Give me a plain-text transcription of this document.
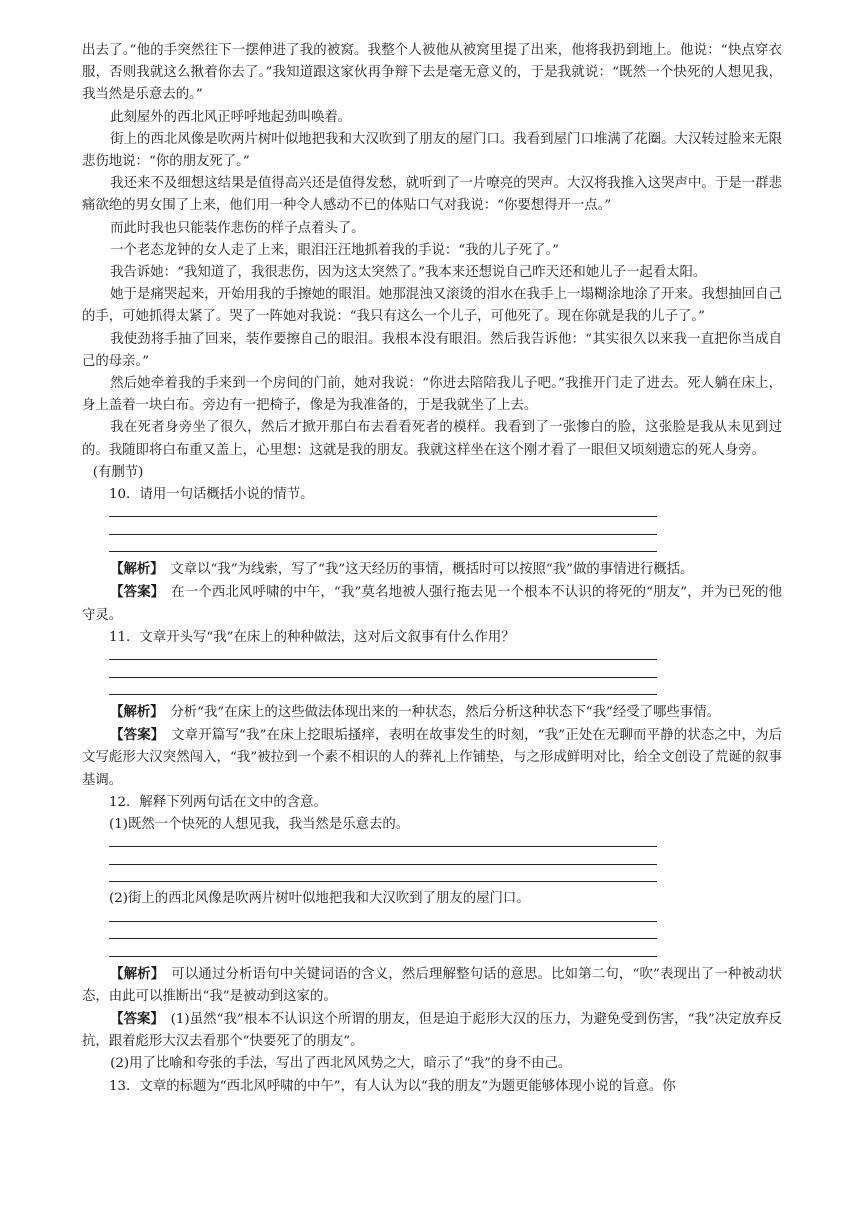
出去了。”他的手突然往下一摆伸进了我的被窝。我整个人被他从被窝里提了出来，他将我扔到地上。他说：“快点穿衣服，否则我就这么揪着你去了。”我知道跟这家伙再争辩下去是毫无意义的，于是我就说：“既然一个快死的人想见我，我当然是乐意去的。”

此刻屋外的西北风正呼呼地起劲叫唤着。

街上的西北风像是吹两片树叶似地把我和大汉吹到了朋友的屋门口。我看到屋门口堆满了花圈。大汉转过脸来无限悲伤地说：“你的朋友死了。”

我还来不及细想这结果是值得高兴还是值得发愁，就听到了一片嘹亮的哭声。大汉将我推入这哭声中。于是一群悲痛欲绝的男女围了上来，他们用一种令人感动不已的体贴口气对我说：“你要想得开一点。”

而此时我也只能装作悲伤的样子点着头了。

一个老态龙钟的女人走了上来，眼泪汪汪地抓着我的手说：“我的儿子死了。”

我告诉她：“我知道了，我很悲伤，因为这太突然了。”我本来还想说自己昨天还和她儿子一起看太阳。

她于是痛哭起来，开始用我的手擦她的眼泪。她那混浊又滚烫的泪水在我手上一塌糊涂地涂了开来。我想抽回自己的手，可她抓得太紧了。哭了一阵她对我说：“我只有这么一个儿子，可他死了。现在你就是我的儿子了。”

我使劲将手抽了回来，装作要擦自己的眼泪。我根本没有眼泪。然后我告诉他：“其实很久以来我一直把你当成自己的母亲。”

然后她牵着我的手来到一个房间的门前，她对我说：“你进去陪陪我儿子吧。”我推开门走了进去。死人躺在床上，身上盖着一块白布。旁边有一把椅子，像是为我准备的，于是我就坐了上去。

我在死者身旁坐了很久，然后才掀开那白布去看看死者的模样。我看到了一张惨白的脸，这张脸是我从未见到过的。我随即将白布重又盖上，心里想：这就是我的朋友。我就这样坐在这个刚才看了一眼但又顷刻遗忘的死人身旁。

(有删节)

10．请用一句话概括小说的情节。

【解析】　 文章以“我”为线索，写了“我”这天经历的事情，概括时可以按照“我”做的事情进行概括。

【答案】　 在一个西北风呼啸的中午，“我”莫名地被人强行拖去见一个根本不认识的将死的“朋友”，并为已死的他守灵。

11．文章开头写“我”在床上的种种做法，这对后文叙事有什么作用？

【解析】　 分析“我”在床上的这些做法体现出来的一种状态，然后分析这种状态下“我”经受了哪些事情。

【答案】　 文章开篇写“我”在床上挖眼垢搔痒，表明在故事发生的时刻，“我”正处在无聊而平静的状态之中，为后文写彪形大汉突然闯入，“我”被拉到一个素不相识的人的葬礼上作铺垫，与之形成鲜明对比，给全文创设了荒诞的叙事基调。

12．解释下列两句话在文中的含意。

(1)既然一个快死的人想见我，我当然是乐意去的。

(2)街上的西北风像是吹两片树叶似地把我和大汉吹到了朋友的屋门口。

【解析】　 可以通过分析语句中关键词语的含义，然后理解整句话的意思。比如第二句，“吹”表现出了一种被动状态，由此可以推断出“我”是被动到这家的。

【答案】　 (1)虽然“我”根本不认识这个所谓的朋友，但是迫于彪形大汉的压力，为避免受到伤害，“我”决定放弃反抗，跟着彪形大汉去看那个“快要死了的朋友”。

(2)用了比喻和夸张的手法，写出了西北风风势之大，暗示了“我”的身不由己。

13．文章的标题为“西北风呼啸的中午”，有人认为以“我的朋友”为题更能够体现小说的旨意。你
